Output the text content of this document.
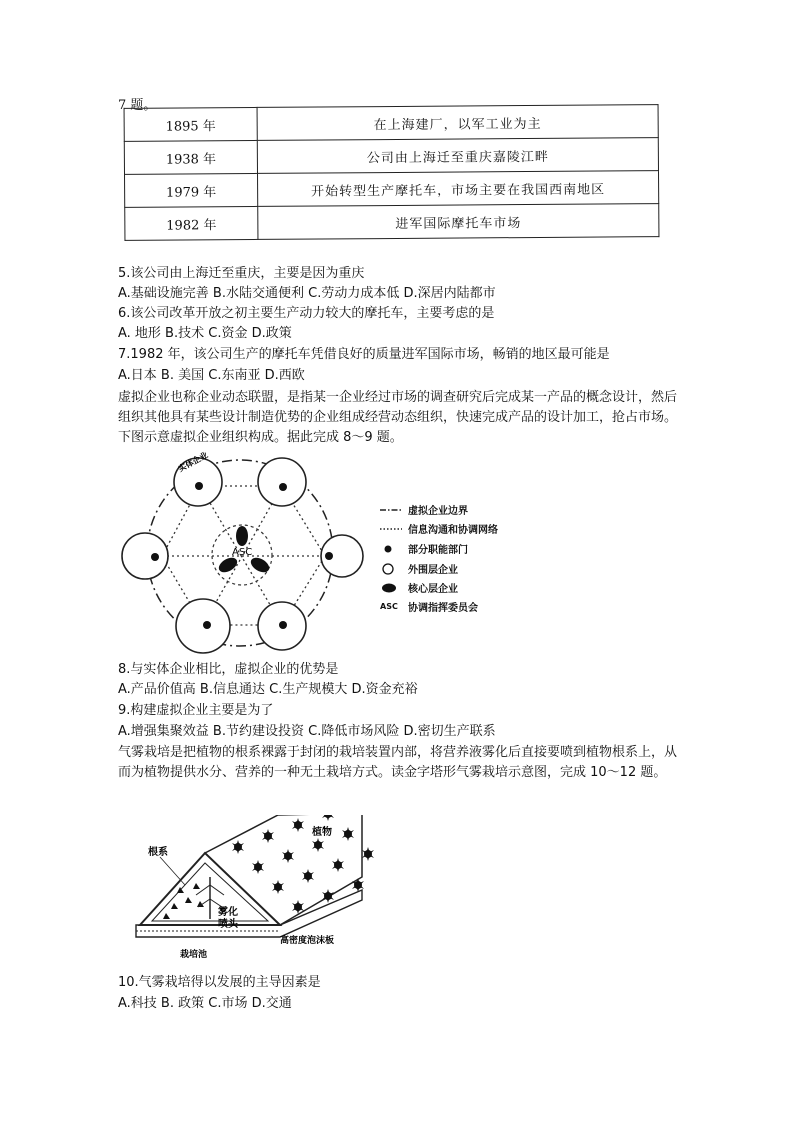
7 题。
1895 年	在上海建厂，以军工业为主
1938 年	公司由上海迁至重庆嘉陵江畔
1979 年	开始转型生产摩托车，市场主要在我国西南地区
1982 年	进军国际摩托车市场
5.该公司由上海迁至重庆，主要是因为重庆
A.基础设施完善 B.水陆交通便利 C.劳动力成本低 D.深居内陆都市
6.该公司改革开放之初主要生产动力较大的摩托车，主要考虑的是
A. 地形 B.技术 C.资金 D.政策
7.1982 年，该公司生产的摩托车凭借良好的质量进军国际市场，畅销的地区最可能是
A.日本 B. 美国 C.东南亚 D.西欧
虚拟企业也称企业动态联盟，是指某一企业经过市场的调查研究后完成某一产品的概念设计，然后组织其他具有某些设计制造优势的企业组成经营动态组织，快速完成产品的设计加工，抢占市场。下图示意虚拟企业组织构成。据此完成 8～9 题。
ASC
实体企业
虚拟企业边界
信息沟通和协调网络
部分职能部门
外围层企业
核心层企业
ASC	协调指挥委员会
8.与实体企业相比，虚拟企业的优势是
A.产品价值高 B.信息通达 C.生产规模大 D.资金充裕
9.构建虚拟企业主要是为了
A.增强集聚效益 B.节约建设投资 C.降低市场风险 D.密切生产联系
气雾栽培是把植物的根系裸露于封闭的栽培装置内部，将营养液雾化后直接要喷到植物根系上，从而为植物提供水分、营养的一种无土栽培方式。读金字塔形气雾栽培示意图，完成 10～12 题。
植物
根系
雾化
喷头
高密度泡沫板
栽培池
10.气雾栽培得以发展的主导因素是
A.科技 B. 政策 C.市场 D.交通
